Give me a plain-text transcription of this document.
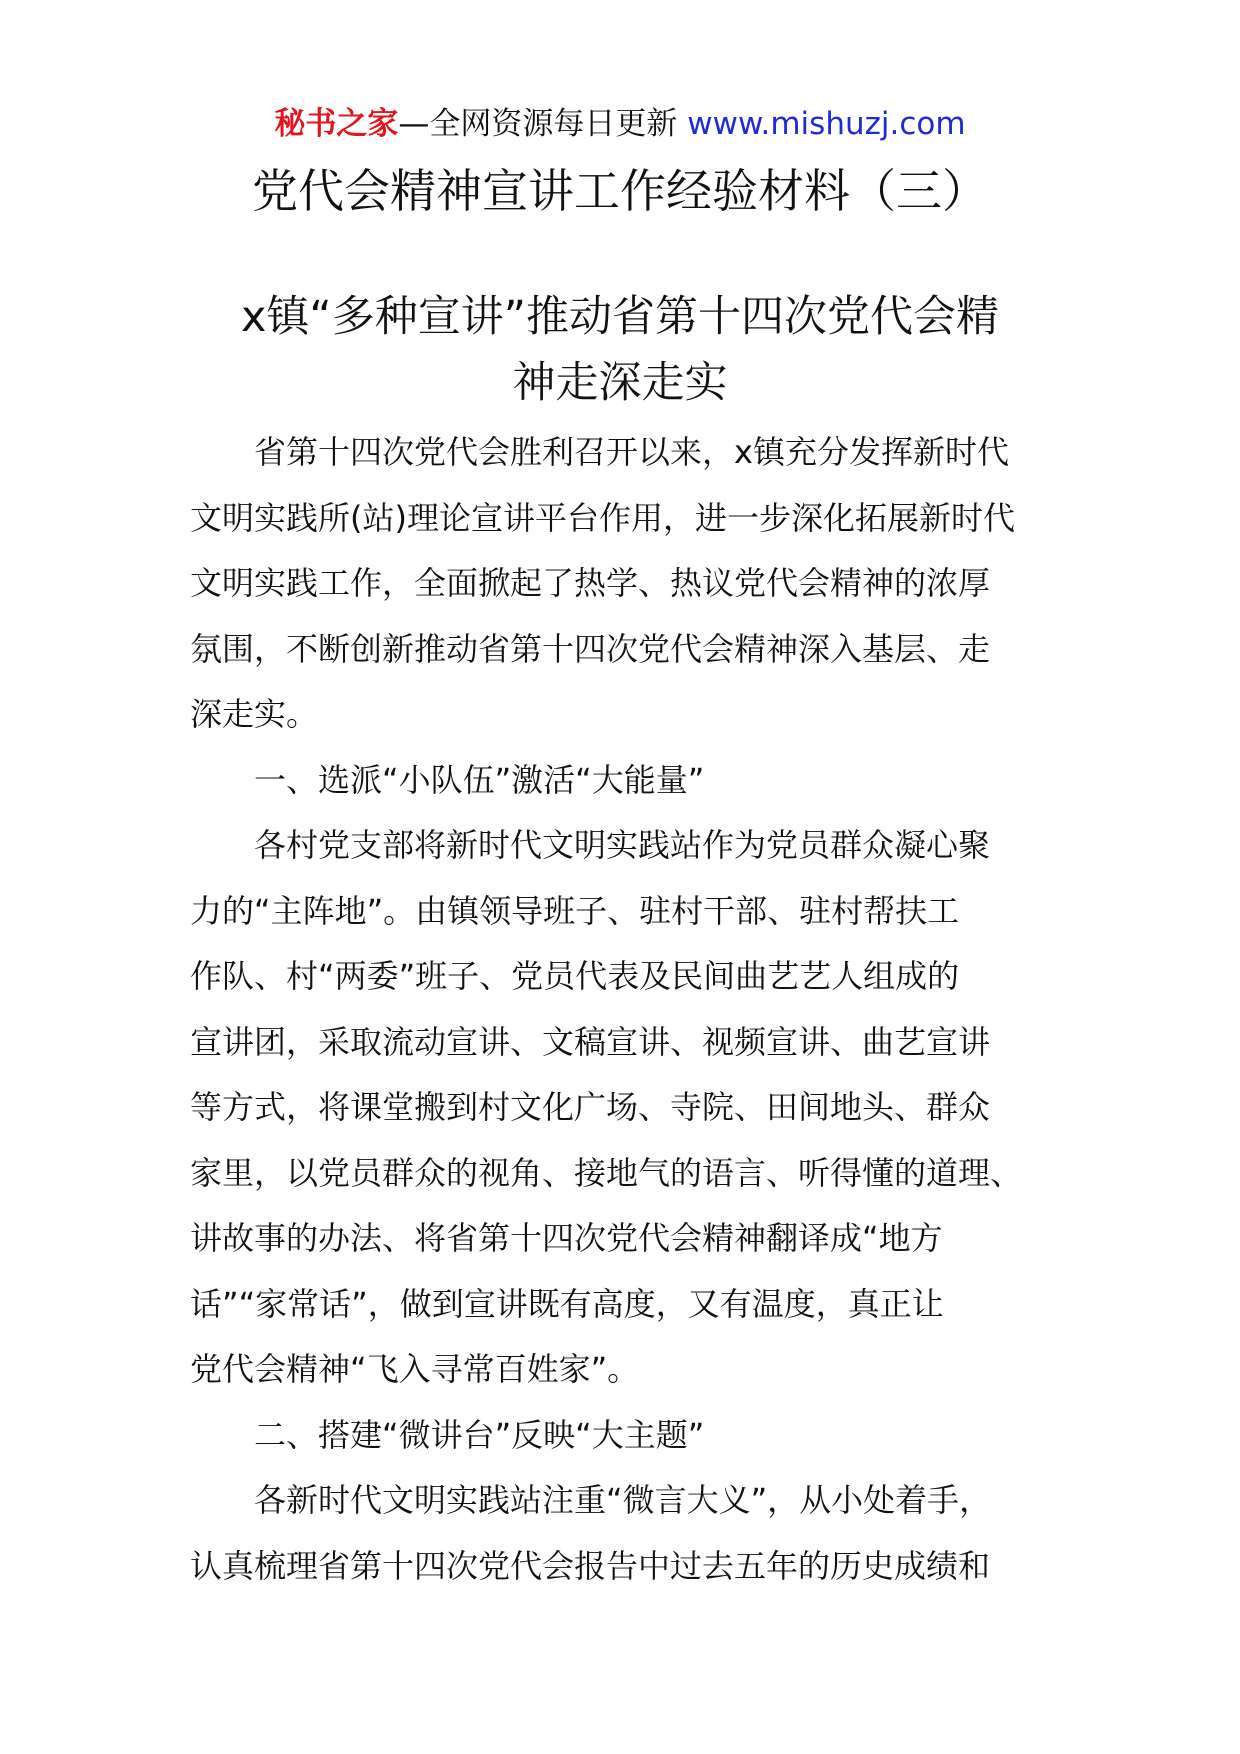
秘书之家—全网资源每日更新 www.mishuzj.com
党代会精神宣讲工作经验材料（三）
x镇“多种宣讲”推动省第十四次党代会精
神走深走实
省第十四次党代会胜利召开以来，x镇充分发挥新时代
文明实践所(站)理论宣讲平台作用，进一步深化拓展新时代
文明实践工作，全面掀起了热学、热议党代会精神的浓厚
氛围，不断创新推动省第十四次党代会精神深入基层、走
深走实。
一、选派“小队伍”激活“大能量”
各村党支部将新时代文明实践站作为党员群众凝心聚
力的“主阵地”。由镇领导班子、驻村干部、驻村帮扶工
作队、村“两委”班子、党员代表及民间曲艺艺人组成的
宣讲团，采取流动宣讲、文稿宣讲、视频宣讲、曲艺宣讲
等方式，将课堂搬到村文化广场、寺院、田间地头、群众
家里，以党员群众的视角、接地气的语言、听得懂的道理、
讲故事的办法、将省第十四次党代会精神翻译成“地方
话”“家常话”，做到宣讲既有高度，又有温度，真正让
党代会精神“飞入寻常百姓家”。
二、搭建“微讲台”反映“大主题”
各新时代文明实践站注重“微言大义”，从小处着手，
认真梳理省第十四次党代会报告中过去五年的历史成绩和
